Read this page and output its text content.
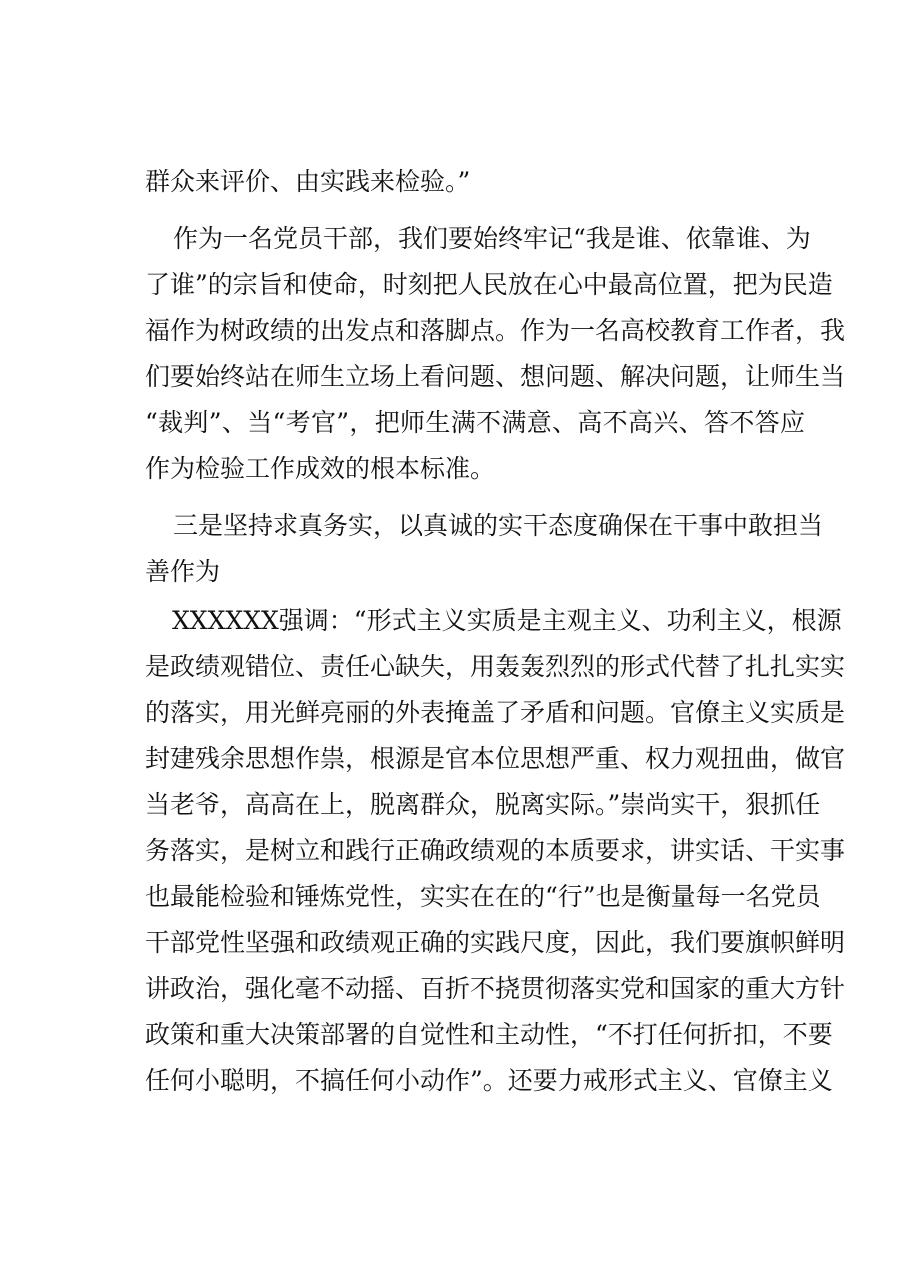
群众来评价、由实践来检验。”
作为一名党员干部，我们要始终牢记“我是谁、依靠谁、为
了谁”的宗旨和使命，时刻把人民放在心中最高位置，把为民造
福作为树政绩的出发点和落脚点。作为一名高校教育工作者，我
们要始终站在师生立场上看问题、想问题、解决问题，让师生当
“裁判”、当“考官”，把师生满不满意、高不高兴、答不答应
作为检验工作成效的根本标准。
三是坚持求真务实，以真诚的实干态度确保在干事中敢担当
善作为
XXXXXX强调：“形式主义实质是主观主义、功利主义，根源
是政绩观错位、责任心缺失，用轰轰烈烈的形式代替了扎扎实实
的落实，用光鲜亮丽的外表掩盖了矛盾和问题。官僚主义实质是
封建残余思想作祟，根源是官本位思想严重、权力观扭曲，做官
当老爷，高高在上，脱离群众，脱离实际。”崇尚实干，狠抓任
务落实，是树立和践行正确政绩观的本质要求，讲实话、干实事
也最能检验和锤炼党性，实实在在的“行”也是衡量每一名党员
干部党性坚强和政绩观正确的实践尺度，因此，我们要旗帜鲜明
讲政治，强化毫不动摇、百折不挠贯彻落实党和国家的重大方针
政策和重大决策部署的自觉性和主动性，“不打任何折扣，不要
任何小聪明，不搞任何小动作”。还要力戒形式主义、官僚主义
